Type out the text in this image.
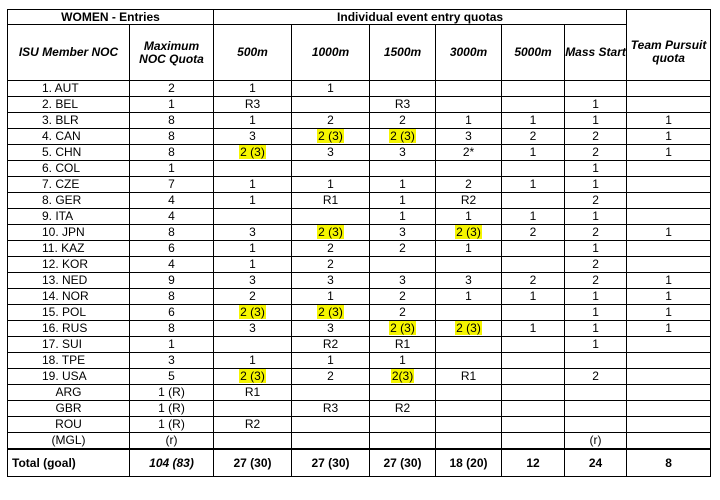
WOMEN - Entries		Individual event entry quotas						
ISU Member NOC	Maximum NOC Quota	500m	1000m	1500m	3000m	5000m	Mass Start	Team Pursuit quota
1. AUT	2	1	1					
2. BEL	1	R3		R3			1	
3. BLR	8	1	2	2	1	1	1	1
4. CAN	8	3	2 (3)	2 (3)	3	2	2	1
5. CHN	8	2 (3)	3	3	2*	1	2	1
6. COL	1						1	
7. CZE	7	1	1	1	2	1	1	
8. GER	4	1	R1	1	R2		2	
9. ITA	4			1	1	1	1	
10. JPN	8	3	2 (3)	3	2 (3)	2	2	1
11. KAZ	6	1	2	2	1		1	
12. KOR	4	1	2				2	
13. NED	9	3	3	3	3	2	2	1
14. NOR	8	2	1	2	1	1	1	1
15. POL	6	2 (3)	2 (3)	2			1	1
16. RUS	8	3	3	2 (3)	2 (3)	1	1	1
17. SUI	1		R2	R1			1	
18. TPE	3	1	1	1				
19. USA	5	2 (3)	2	2(3)	R1		2	
ARG	1 (R)	R1						
GBR	1 (R)		R3	R2				
ROU	1 (R)	R2						
(MGL)	(r)						(r)	
Total (goal)	104 (83)	27 (30)	27 (30)	27 (30)	18 (20)	12	24	8
